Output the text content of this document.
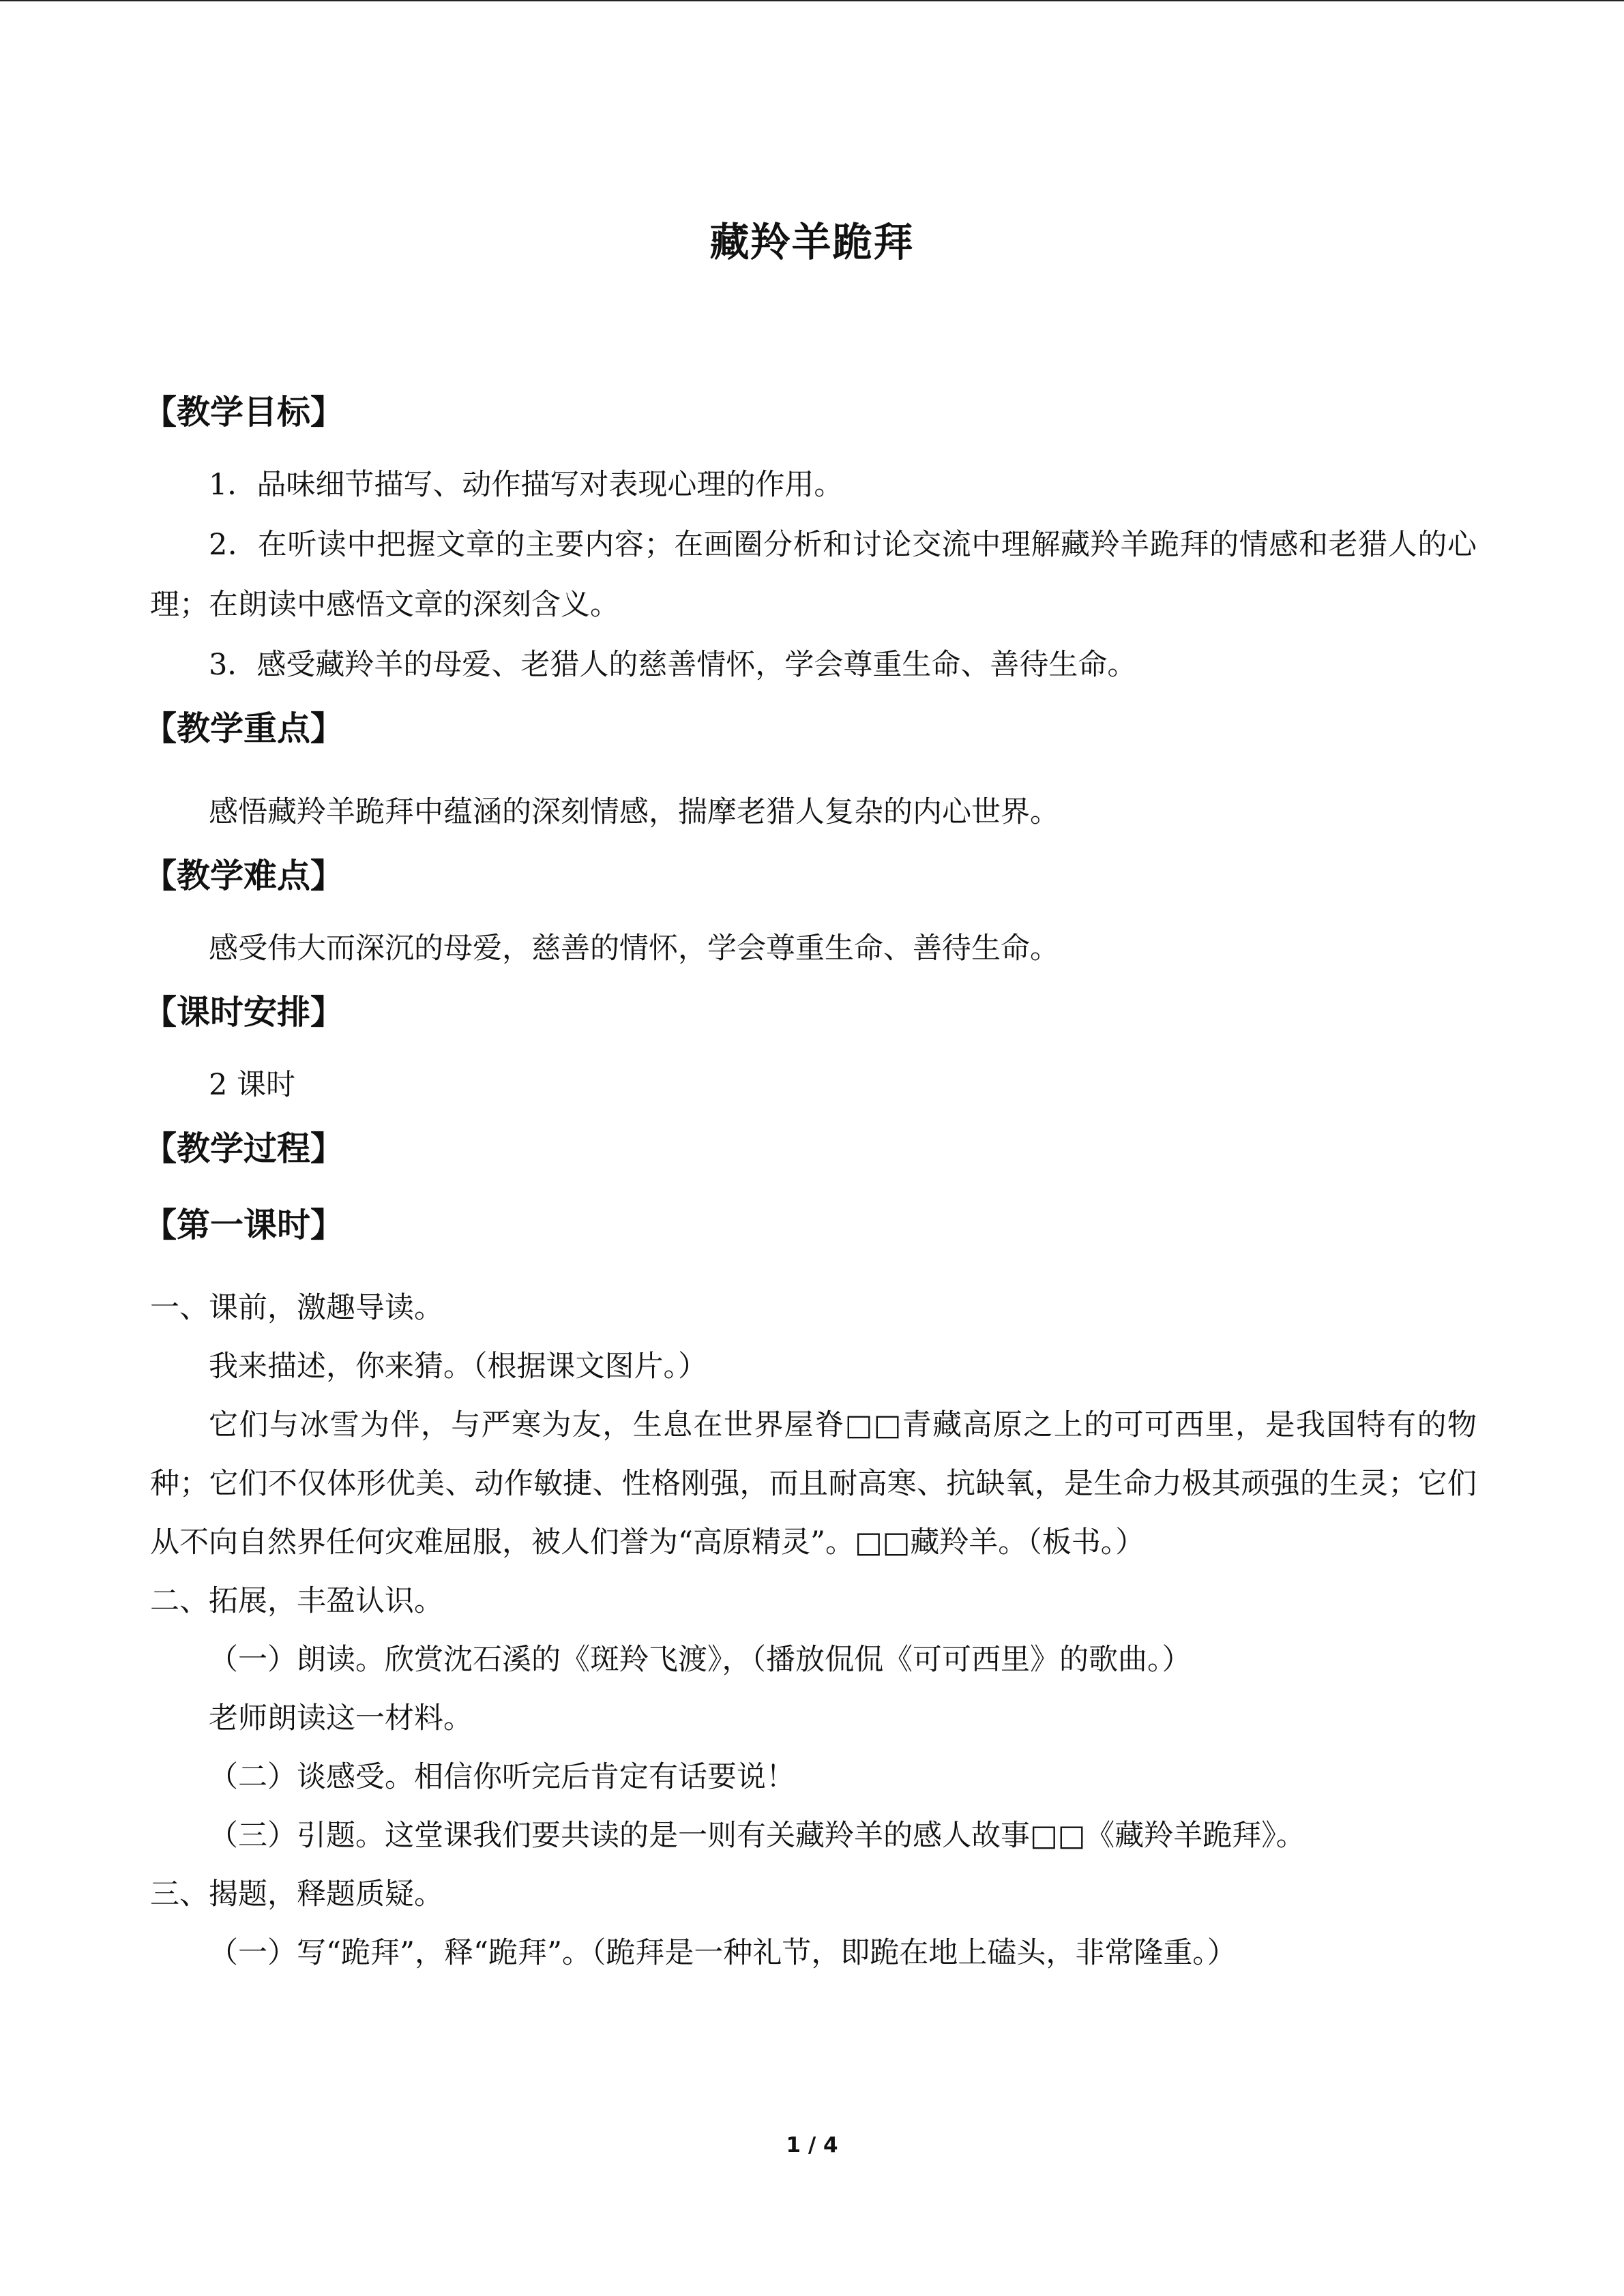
藏羚羊跪拜
【教学目标】
1．品味细节描写、动作描写对表现心理的作用。
2．在听读中把握文章的主要内容；在画圈分析和讨论交流中理解藏羚羊跪拜的情感和老猎人的心理；在朗读中感悟文章的深刻含义。
3．感受藏羚羊的母爱、老猎人的慈善情怀，学会尊重生命、善待生命。
【教学重点】
感悟藏羚羊跪拜中蕴涵的深刻情感，揣摩老猎人复杂的内心世界。
【教学难点】
感受伟大而深沉的母爱，慈善的情怀，学会尊重生命、善待生命。
【课时安排】
2 课时
【教学过程】
【第一课时】
一、课前，激趣导读。
我来描述，你来猜。（根据课文图片。）
它们与冰雪为伴，与严寒为友，生息在世界屋脊□□青藏高原之上的可可西里，是我国特有的物种；它们不仅体形优美、动作敏捷、性格刚强，而且耐高寒、抗缺氧，是生命力极其顽强的生灵；它们从不向自然界任何灾难屈服，被人们誉为“高原精灵”。□□藏羚羊。（板书。）
二、拓展，丰盈认识。
（一）朗读。欣赏沈石溪的《斑羚飞渡》，（播放侃侃《可可西里》的歌曲。）
老师朗读这一材料。
（二）谈感受。相信你听完后肯定有话要说！
（三）引题。这堂课我们要共读的是一则有关藏羚羊的感人故事□□《藏羚羊跪拜》。
三、揭题，释题质疑。
（一）写“跪拜”，释“跪拜”。（跪拜是一种礼节，即跪在地上磕头，非常隆重。）
1 / 4
